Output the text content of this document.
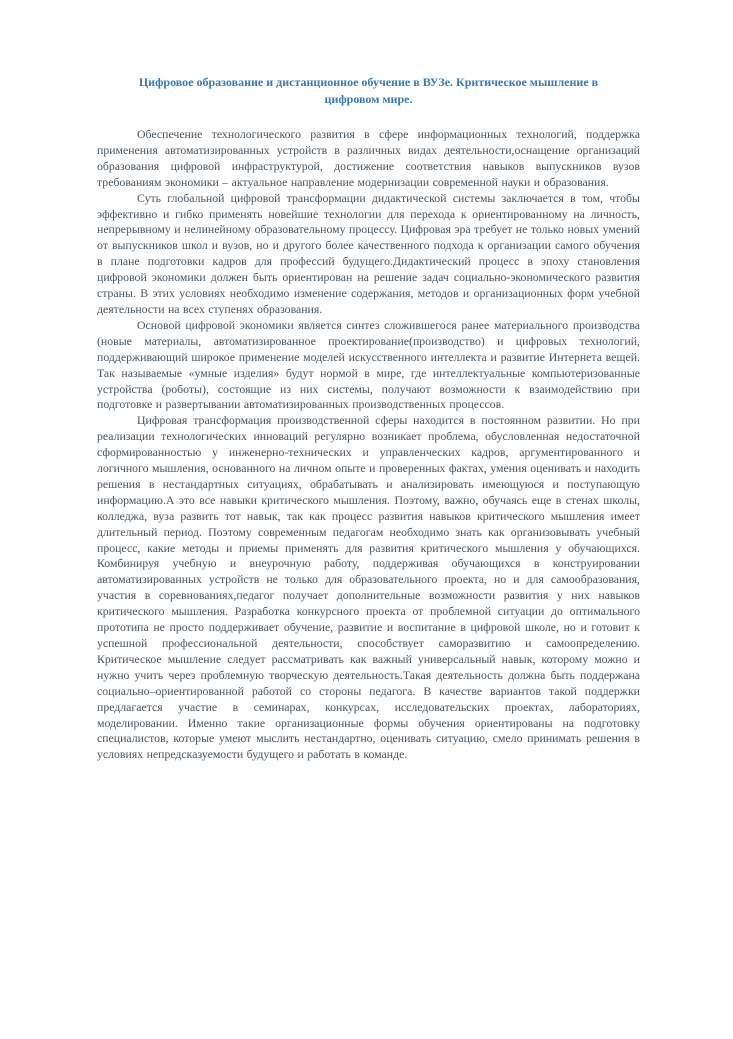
Цифровое образование и дистанционное обучение в ВУЗе. Критическое мышление в цифровом мире.

Обеспечение технологического развития в сфере информационных технологий, поддержка применения автоматизированных устройств в различных видах деятельности,оснащение организаций образования цифровой инфраструктурой, достижение соответствия навыков выпускников вузов требованиям экономики – актуальное направление модернизации современной науки и образования.

Суть глобальной цифровой трансформации дидактической системы заключается в том, чтобы эффективно и гибко применять новейшие технологии для перехода к ориентированному на личность, непрерывному и нелинейному образовательному процессу. Цифровая эра требует не только новых умений от выпускников школ и вузов, но и другого более качественного подхода к организации самого обучения в плане подготовки кадров для профессий будущего.Дидактический процесс в эпоху становления цифровой экономики должен быть ориентирован на решение задач социально-экономического развития страны. В этих условиях необходимо изменение содержания, методов и организационных форм учебной деятельности на всех ступенях образования.

Основой цифровой экономики является синтез сложившегося ранее материального производства (новые материалы, автоматизированное проектирование(производство) и цифровых технологий, поддерживающий широкое применение моделей искусственного интеллекта и развитие Интернета вещей. Так называемые «умные изделия» будут нормой в мире, где интеллектуальные компьютеризованные устройства (роботы), состоящие из них системы, получают возможности к взаимодействию при подготовке и развертывании автоматизированных производственных процессов.

Цифровая трансформация производственной сферы находится в постоянном развитии. Но при реализации технологических инноваций регулярно возникает проблема, обусловленная недостаточной сформированностью у инженерно-технических и управленческих кадров, аргументированного и логичного мышления, основанного на личном опыте и проверенных фактах, умения оценивать и находить решения в нестандартных ситуациях, обрабатывать и анализировать имеющуюся и поступающую информацию.А это все навыки критического мышления. Поэтому, важно, обучаясь еще в стенах школы, колледжа, вуза развить тот навык, так как процесс развития навыков критического мышления имеет длительный период. Поэтому современным педагогам необходимо знать как организовывать учебный процесс, какие методы и приемы применять для развития критического мышления у обучающихся. Комбинируя учебную и внеурочную работу, поддерживая обучающихся в конструировании автоматизированных устройств не только для образовательного проекта, но и для самообразования, участия в соревнованиях,педагог получает дополнительные возможности развития у них навыков критического мышления. Разработка конкурсного проекта от проблемной ситуации до оптимального прототипа не просто поддерживает обучение, развитие и воспитание в цифровой школе, но и готовит к успешной профессиональной деятельности, способствует саморазвитию и самоопределению. Критическое мышление следует рассматривать как важный универсальный навык, которому можно и нужно учить через проблемную творческую деятельность.Такая деятельность должна быть поддержана социально–ориентированной работой со стороны педагога. В качестве вариантов такой поддержки предлагается участие в семинарах, конкурсах, исследовательских проектах, лабораториях, моделировании. Именно такие организационные формы обучения ориентированы на подготовку специалистов, которые умеют мыслить нестандартно, оценивать ситуацию, смело принимать решения в условиях непредсказуемости будущего и работать в команде.
